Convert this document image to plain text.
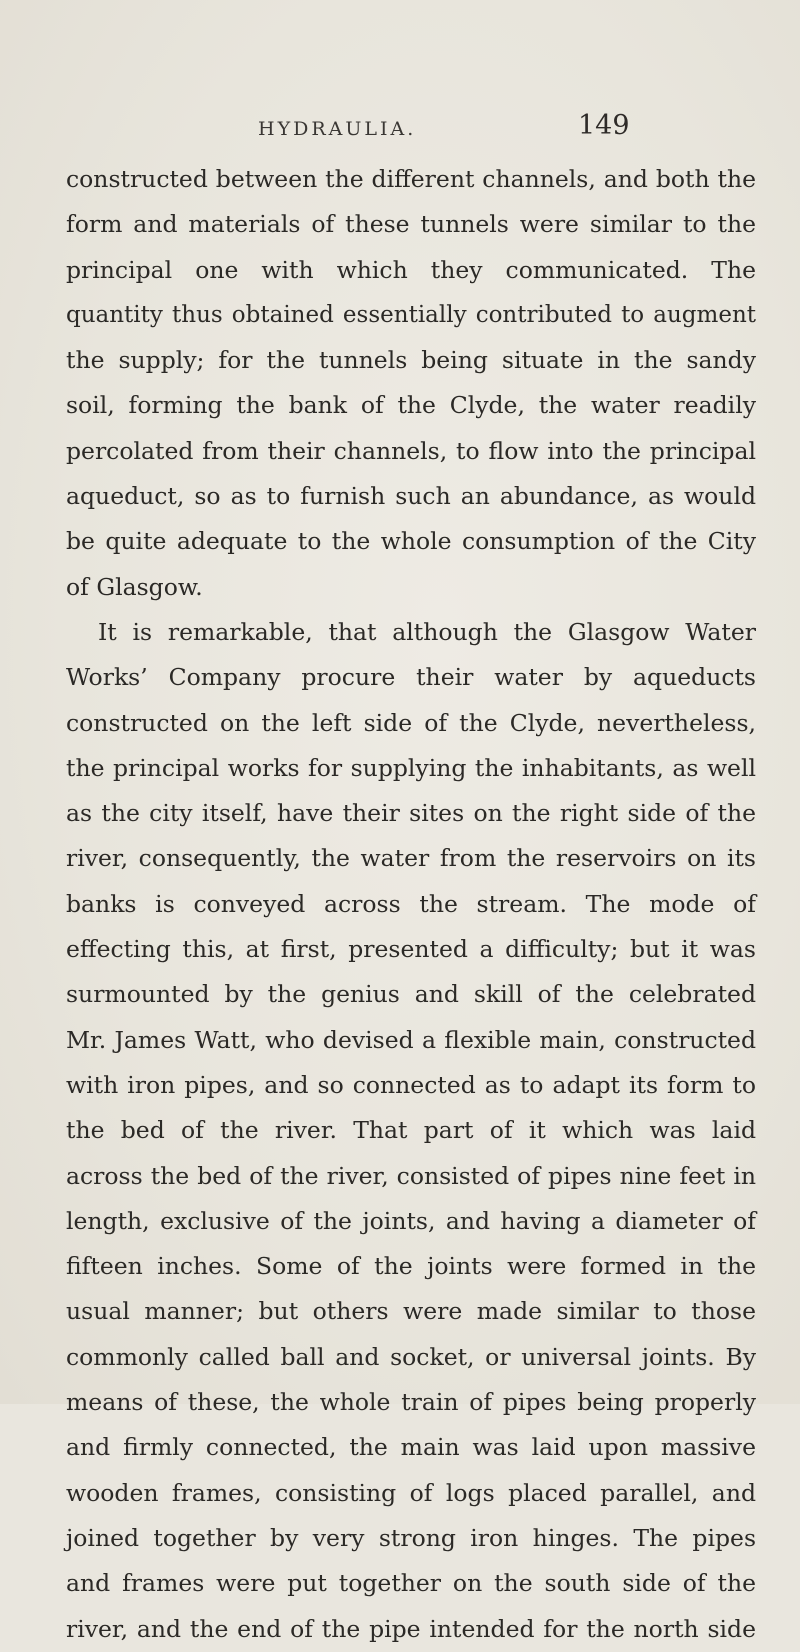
HYDRAULIA.	149
constructed between the different channels, and both the
form and materials of these tunnels were similar to the
principal one with which they communicated. The
quantity thus obtained essentially contributed to augment
the supply; for the tunnels being situate in the sandy
soil, forming the bank of the Clyde, the water readily
percolated from their channels, to flow into the principal
aqueduct, so as to furnish such an abundance, as would
be quite adequate to the whole consumption of the City
of Glasgow.
It is remarkable, that although the Glasgow Water
Works’ Company procure their water by aqueducts
constructed on the left side of the Clyde, nevertheless,
the principal works for supplying the inhabitants, as well
as the city itself, have their sites on the right side of the
river, consequently, the water from the reservoirs on its
banks is conveyed across the stream. The mode of
effecting this, at first, presented a difficulty; but it was
surmounted by the genius and skill of the celebrated
Mr. James Watt, who devised a flexible main, constructed
with iron pipes, and so connected as to adapt its form to
the bed of the river. That part of it which was laid
across the bed of the river, consisted of pipes nine feet in
length, exclusive of the joints, and having a diameter of
fifteen inches. Some of the joints were formed in the
usual manner; but others were made similar to those
commonly called ball and socket, or universal joints. By
means of these, the whole train of pipes being properly
and firmly connected, the main was laid upon massive
wooden frames, consisting of logs placed parallel, and
joined together by very strong iron hinges. The pipes
and frames were put together on the south side of the
river, and the end of the pipe intended for the north side
